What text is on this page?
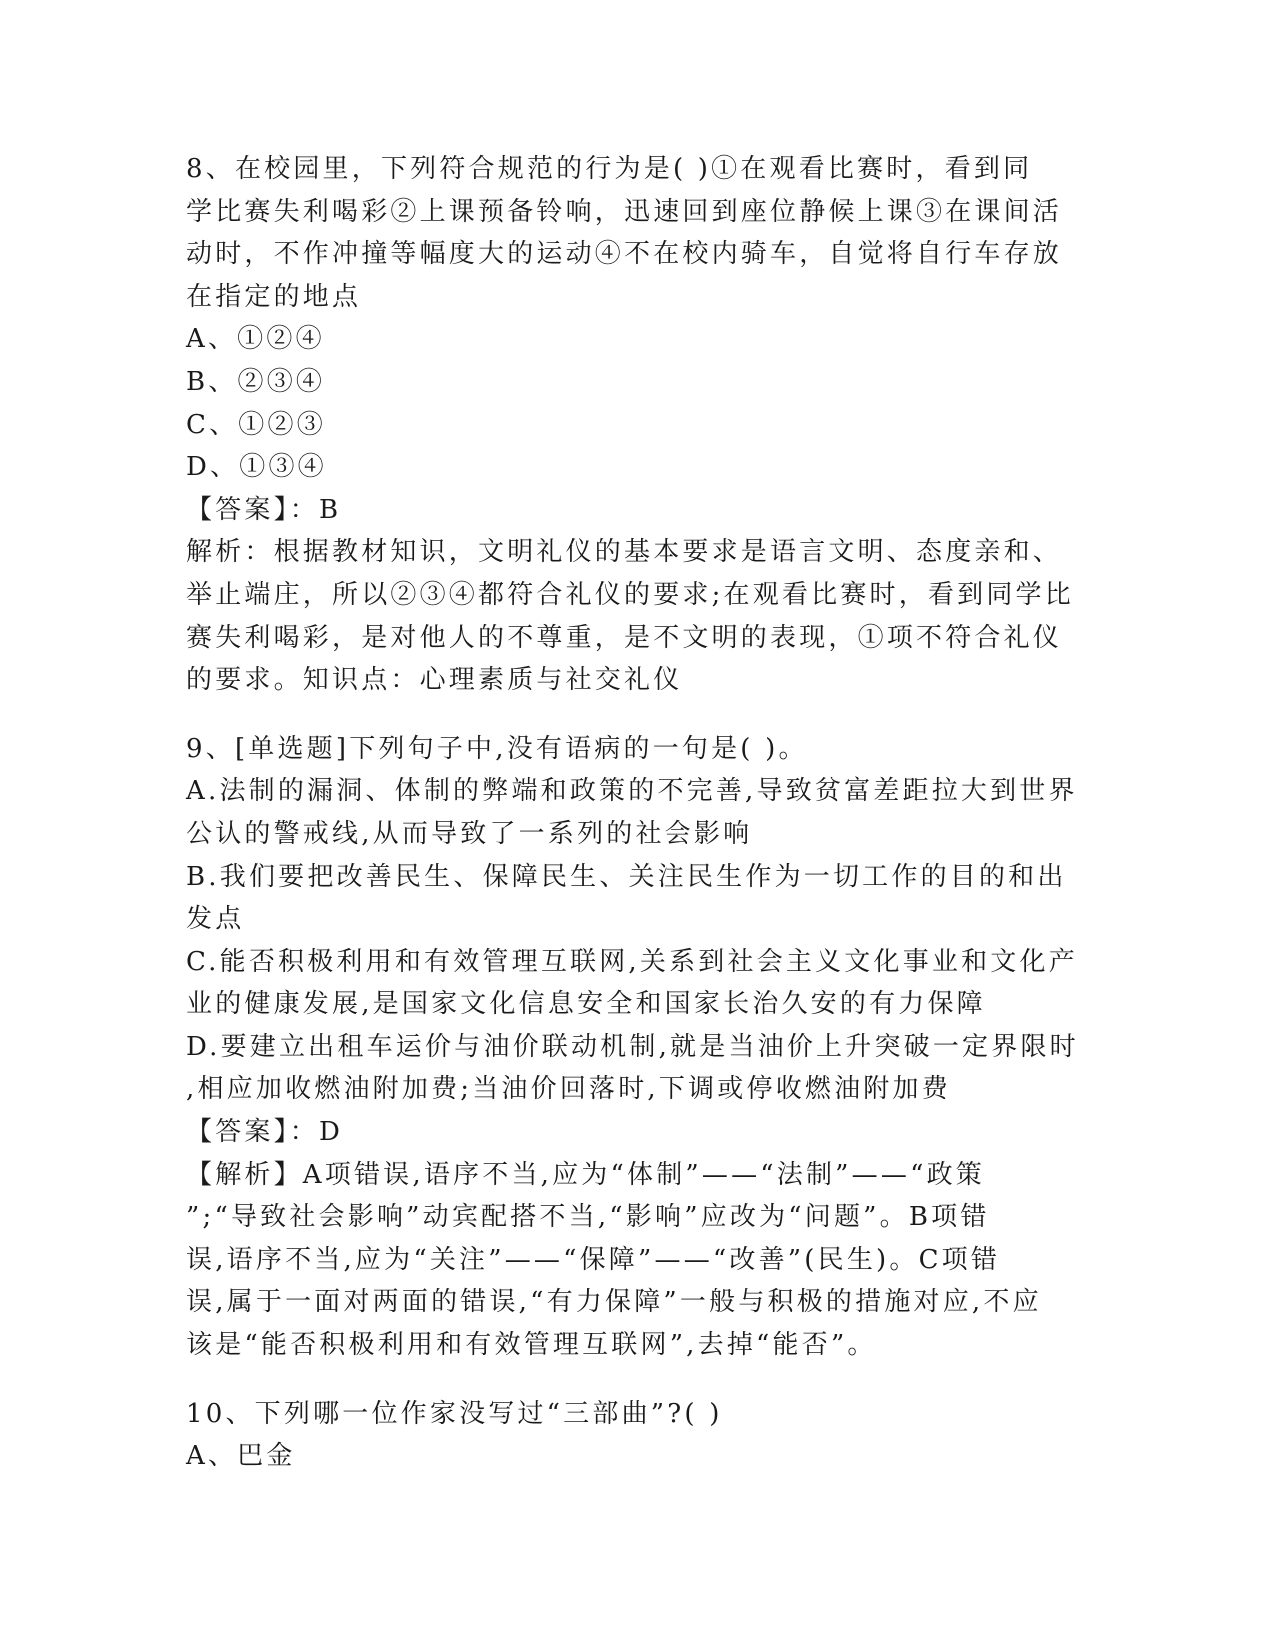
8、在校园里，下列符合规范的行为是( )①在观看比赛时，看到同

学比赛失利喝彩②上课预备铃响，迅速回到座位静候上课③在课间活

动时，不作冲撞等幅度大的运动④不在校内骑车，自觉将自行车存放

在指定的地点

A、①②④

B、②③④

C、①②③

D、①③④

【答案】：B

解析：根据教材知识，文明礼仪的基本要求是语言文明、态度亲和、

举止端庄，所以②③④都符合礼仪的要求;在观看比赛时，看到同学比

赛失利喝彩，是对他人的不尊重，是不文明的表现，①项不符合礼仪

的要求。知识点：心理素质与社交礼仪

9、[单选题]下列句子中,没有语病的一句是( )。

A.法制的漏洞、体制的弊端和政策的不完善,导致贫富差距拉大到世界

公认的警戒线,从而导致了一系列的社会影响

B.我们要把改善民生、保障民生、关注民生作为一切工作的目的和出

发点

C.能否积极利用和有效管理互联网,关系到社会主义文化事业和文化产

业的健康发展,是国家文化信息安全和国家长治久安的有力保障

D.要建立出租车运价与油价联动机制,就是当油价上升突破一定界限时

,相应加收燃油附加费;当油价回落时,下调或停收燃油附加费

【答案】：D

【解析】A项错误,语序不当,应为“体制”——“法制”——“政策

”;“导致社会影响”动宾配搭不当,“影响”应改为“问题”。B项错

误,语序不当,应为“关注”——“保障”——“改善”(民生)。C项错

误,属于一面对两面的错误,“有力保障”一般与积极的措施对应,不应

该是“能否积极利用和有效管理互联网”,去掉“能否”。

10、下列哪一位作家没写过“三部曲”?( )

A、巴金
